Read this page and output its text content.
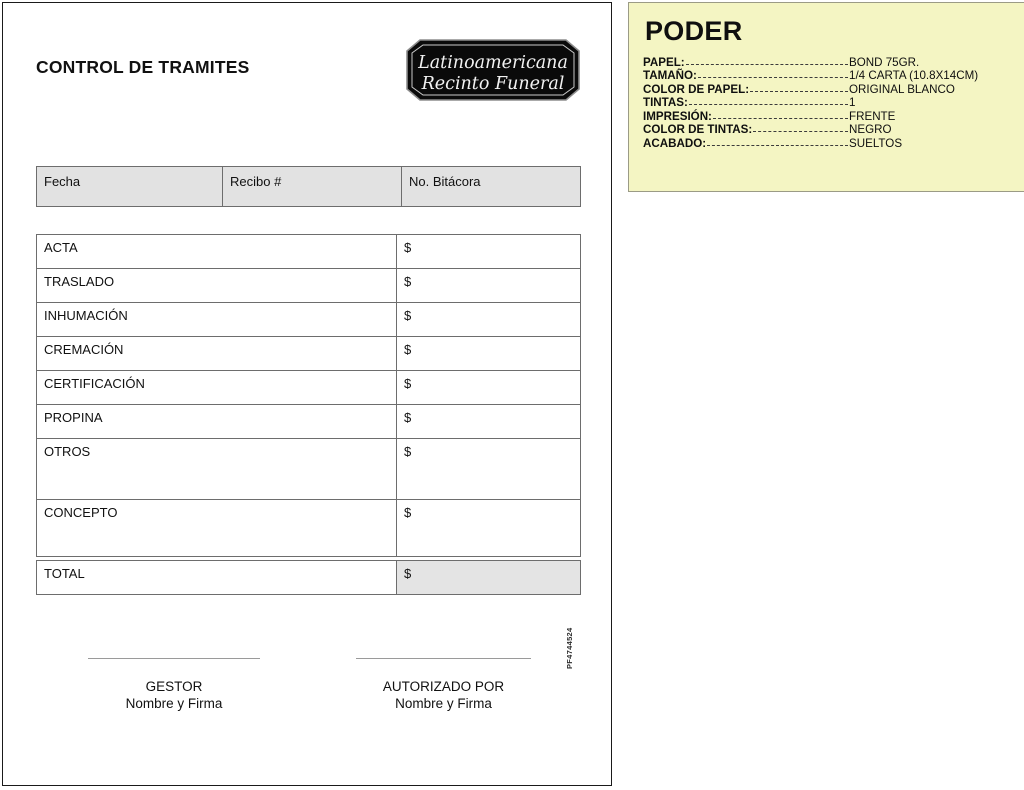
CONTROL DE TRAMITES	Latinoamericana
Recinto Funeral
Fecha	Recibo #	No. Bitácora
ACTA	$
TRASLADO	$
INHUMACIÓN	$
CREMACIÓN	$
CERTIFICACIÓN	$
PROPINA	$
OTROS	$
CONCEPTO	$
TOTAL	$
PF4744524
GESTOR
Nombre y Firma
AUTORIZADO POR
Nombre y Firma
PODER
PAPEL:	BOND 75GR.
TAMAÑO:	1/4 CARTA (10.8X14CM)
COLOR DE PAPEL:	ORIGINAL BLANCO
TINTAS:	1
IMPRESIÓN:	FRENTE
COLOR DE TINTAS:	NEGRO
ACABADO:	SUELTOS
